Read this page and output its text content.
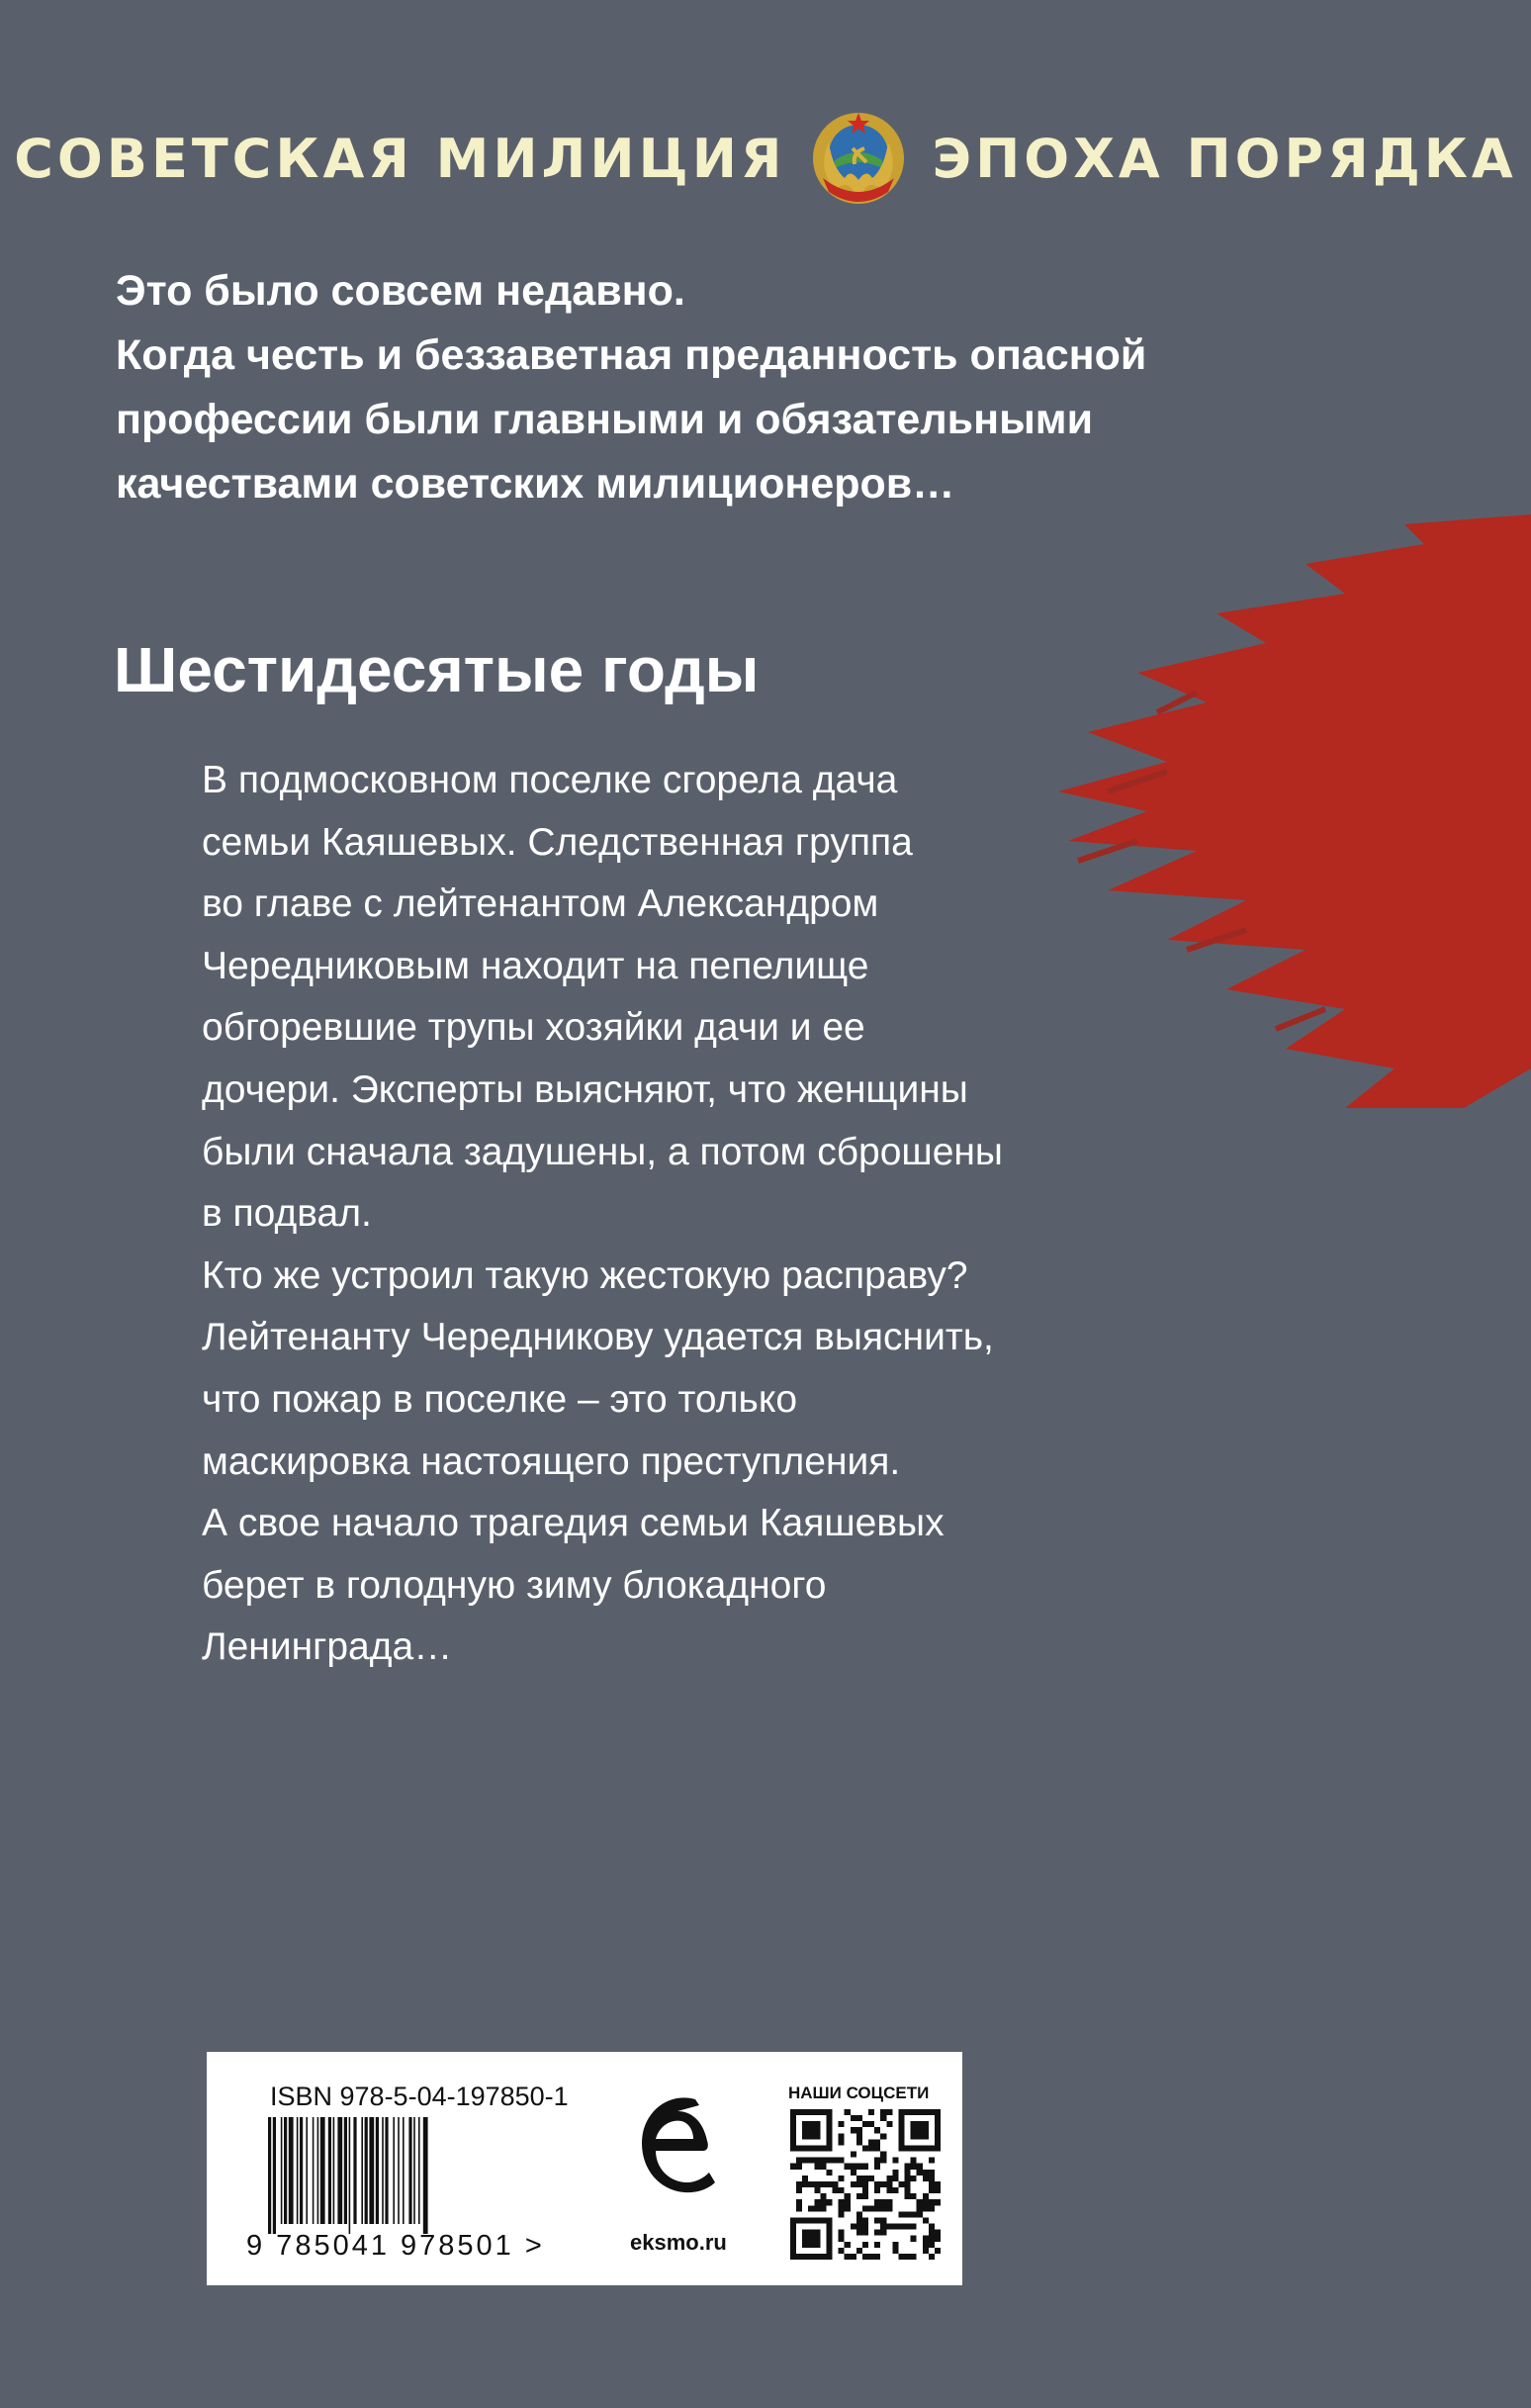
СОВЕТСКАЯ МИЛИЦИЯ	ЭПОХА ПОРЯДКА
Это было совсем недавно.
Когда честь и беззаветная преданность опасной
профессии были главными и обязательными
качествами советских милиционеров…
Шестидесятые годы
В подмосковном поселке сгорела дача
семьи Каяшевых. Следственная группа
во главе с лейтенантом Александром
Чередниковым находит на пепелище
обгоревшие трупы хозяйки дачи и ее
дочери. Эксперты выясняют, что женщины
были сначала задушены, а потом сброшены
в подвал.
Кто же устроил такую жестокую расправу?
Лейтенанту Чередникову удается выяснить,
что пожар в поселке – это только
маскировка настоящего преступления.
А свое начало трагедия семьи Каяшевых
берет в голодную зиму блокадного
Ленинграда…
ISBN 978-5-04-197850-1
9 785041 978501 >	eksmo.ru
НАШИ СОЦСЕТИ
